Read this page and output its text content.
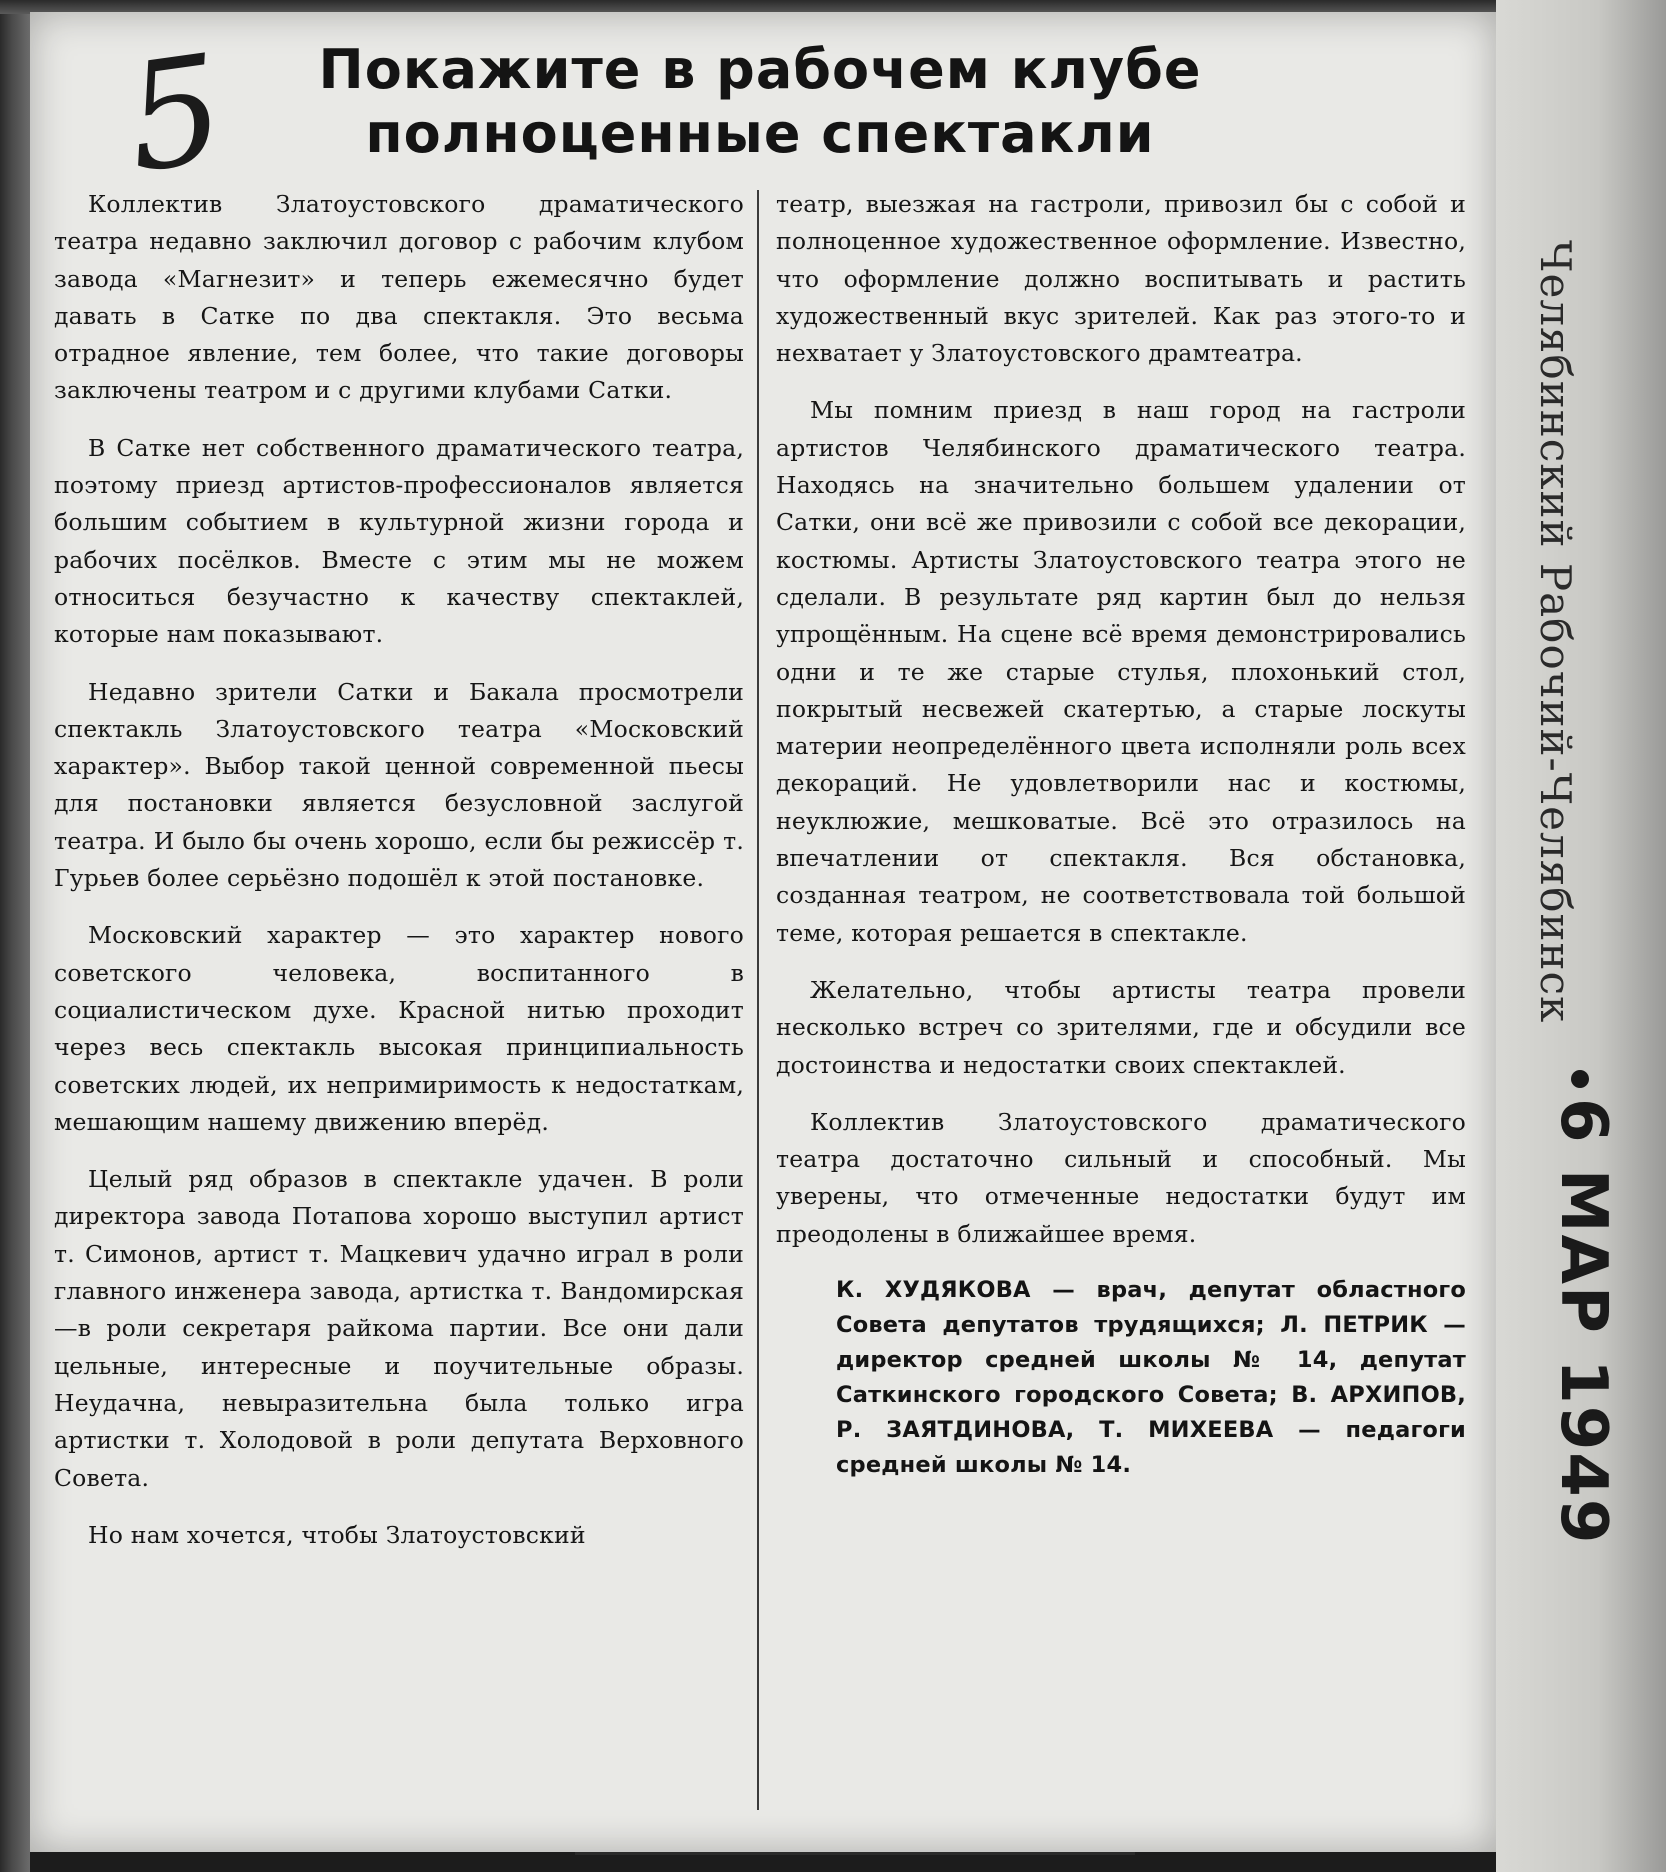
5	Покажите в рабочем клубе
полноценные спектакли

Коллектив Златоустовского драматического театра недавно заключил договор с рабочим клубом завода «Магнезит» и теперь ежемесячно будет давать в Сатке по два спектакля. Это весьма отрадное явление, тем более, что такие договоры заключены театром и с другими клубами Сатки.

В Сатке нет собственного драматического театра, поэтому приезд артистов-профессионалов является большим событием в культурной жизни города и рабочих посёлков. Вместе с этим мы не можем относиться безучастно к качеству спектаклей, которые нам показывают.

Недавно зрители Сатки и Бакала просмотрели спектакль Златоустовского театра «Московский характер». Выбор такой ценной современной пьесы для постановки является безусловной заслугой театра. И было бы очень хорошо, если бы режиссёр т. Гурьев более серьёзно подошёл к этой постановке.

Московский характер — это характер нового советского человека, воспитанного в социалистическом духе. Красной нитью проходит через весь спектакль высокая принципиальность советских людей, их непримиримость к недостаткам, мешающим нашему движению вперёд.

Целый ряд образов в спектакле удачен. В роли директора завода Потапова хорошо выступил артист т. Симонов, артист т. Мацкевич удачно играл в роли главного инженера завода, артистка т. Вандомирская—в роли секретаря райкома партии. Все они дали цельные, интересные и поучительные образы. Неудачна, невыразительна была только игра артистки т. Холодовой в роли депутата Верховного Совета.

Но нам хочется, чтобы Златоустовский

театр, выезжая на гастроли, привозил бы с собой и полноценное художественное оформление. Известно, что оформление должно воспитывать и растить художественный вкус зрителей. Как раз этого-то и нехватает у Златоустовского драмтеатра.

Мы помним приезд в наш город на гастроли артистов Челябинского драматического театра. Находясь на значительно большем удалении от Сатки, они всё же привозили с собой все декорации, костюмы. Артисты Златоустовского театра этого не сделали. В результате ряд картин был до нельзя упрощённым. На сцене всё время демонстрировались одни и те же старые стулья, плохонький стол, покрытый несвежей скатертью, а старые лоскуты материи неопределённого цвета исполняли роль всех декораций. Не удовлетворили нас и костюмы, неуклюжие, мешковатые. Всё это отразилось на впечатлении от спектакля. Вся обстановка, созданная театром, не соответствовала той большой теме, которая решается в спектакле.

Желательно, чтобы артисты театра провели несколько встреч со зрителями, где и обсудили все достоинства и недостатки своих спектаклей.

Коллектив Златоустовского драматического театра достаточно сильный и способный. Мы уверены, что отмеченные недостатки будут им преодолены в ближайшее время.

К. ХУДЯКОВА — врач, депутат областного Совета депутатов трудящихся; Л. ПЕТРИК — директор средней школы № 14, депутат Саткинского городского Совета; В. АРХИПОВ, Р. ЗАЯТДИНОВА, Т. МИХЕЕВА — педагоги средней школы № 14.
Челябинский Рабочий-Челябинск
6 МАР 1949
